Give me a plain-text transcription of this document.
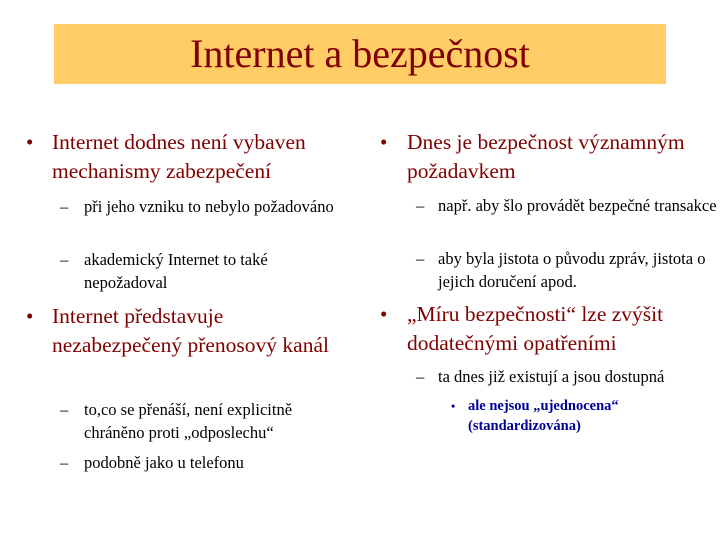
Internet a bezpečnost

• Internet dodnes není vybaven mechanismy zabezpečení

– při jeho vzniku to nebylo požadováno

– akademický Internet to také nepožadoval

• Internet představuje nezabezpečený přenosový kanál

– to,co se přenáší, není explicitně chráněno proti „odposlechu“

– podobně jako u telefonu

• Dnes je bezpečnost významným požadavkem

– např. aby šlo provádět bezpečné transakce

– aby byla jistota o původu zpráv, jistota o jejich doručení apod.

• „Míru bezpečnosti“ lze zvýšit dodatečnými opatřeními

– ta dnes již existují a jsou dostupná

• ale nejsou „ujednocena“ (standardizována)
